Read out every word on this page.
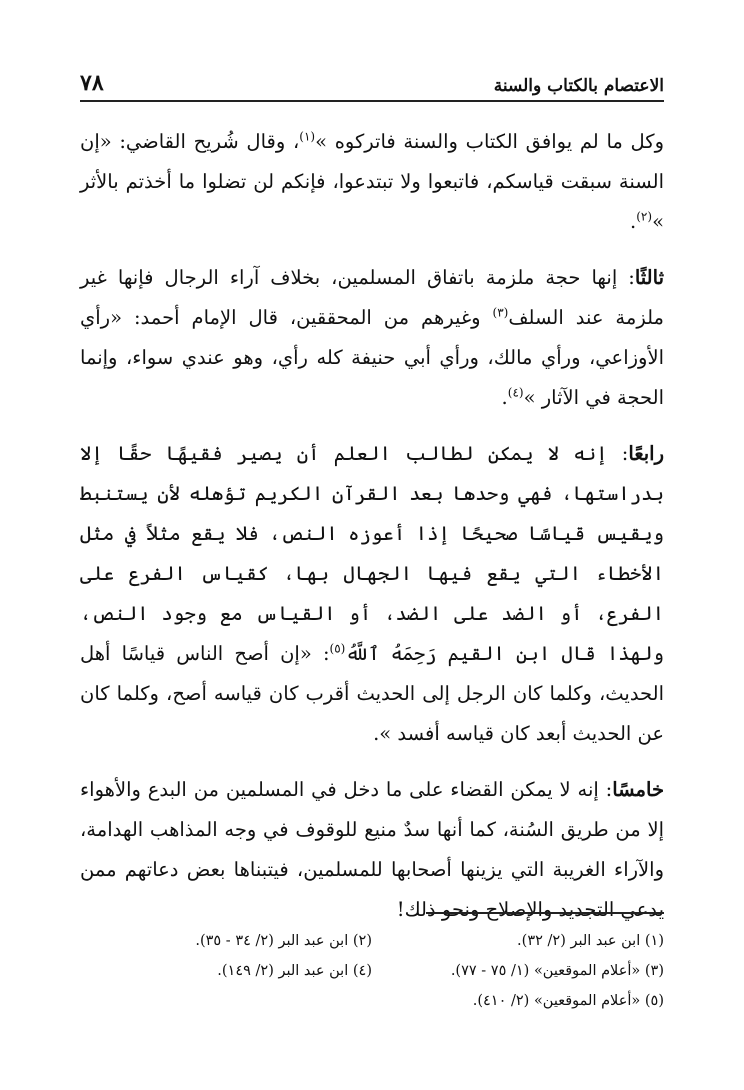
٧٨	الاعتصام بالكتاب والسنة

وكل ما لم يوافق الكتاب والسنة فاتركوه »$^{(١)}$، وقال شُريح القاضي: «إن السنة سبقت قياسكم، فاتبعوا ولا تبتدعوا، فإنكم لن تضلوا ما أخذتم بالأثر »$^{(٢)}$.

ثالثًا: إنها حجة ملزمة باتفاق المسلمين، بخلاف آراء الرجال فإنها غير ملزمة عند السلف$^{(٣)}$ وغيرهم من المحققين، قال الإمام أحمد: «رأي الأوزاعي، ورأي مالك، ورأي أبي حنيفة كله رأي، وهو عندي سواء، وإنما الحجة في الآثار »$^{(٤)}$.

رابعًا: إنه لا يمكن لطالب العلم أن يصير فقيهًا حقًا إلا بدراستها، فهي وحدها بعد القرآن الكريم تؤهله لأن يستنبط ويقيس قياسًا صحيحًا إذا أعوزه النص، فلا يقع مثلاً في مثل الأخطاء التي يقع فيها الجهال بها، كقياس الفرع على الفرع، أو الضد على الضد، أو القياس مع وجود النص، ولهذا قال ابن القيم رَحِمَهُ ٱللَّهُ$^{(٥)}$: «إن أصح الناس قياسًا أهل الحديث، وكلما كان الرجل إلى الحديث أقرب كان قياسه أصح، وكلما كان عن الحديث أبعد كان قياسه أفسد ».

خامسًا: إنه لا يمكن القضاء على ما دخل في المسلمين من البدع والأهواء إلا من طريق السُنة، كما أنها سدٌ منيع للوقوف في وجه المذاهب الهدامة، والآراء الغريبة التي يزينها أصحابها للمسلمين، فيتبناها بعض دعاتهم ممن يدعي التجديد والإصلاح ونحو ذلك!

(١) ابن عبد البر (٢/ ٣٢).
(٢) ابن عبد البر (٢/ ٣٤ - ٣٥).
(٣) «أعلام الموقعين» (١/ ٧٥ - ٧٧).
(٤) ابن عبد البر (٢/ ١٤٩).
(٥) «أعلام الموقعين» (٢/ ٤١٠).
